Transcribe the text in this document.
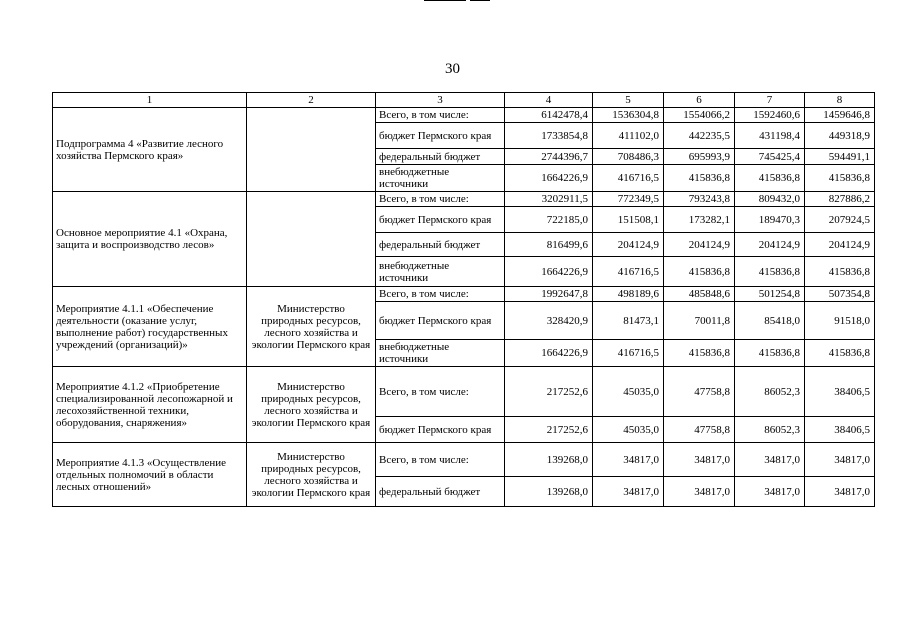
30
1	2	3	4	5	6	7	8
Подпрограмма 4 «Развитие лесного хозяйства Пермского края»		Всего, в том числе:	6142478,4	1536304,8	1554066,2	1592460,6	1459646,8
		бюджет Пермского края	1733854,8	411102,0	442235,5	431198,4	449318,9
		федеральный бюджет	2744396,7	708486,3	695993,9	745425,4	594491,1
		внебюджетные источники	1664226,9	416716,5	415836,8	415836,8	415836,8
Основное мероприятие 4.1 «Охрана, защита и воспроизводство лесов»		Всего, в том числе:	3202911,5	772349,5	793243,8	809432,0	827886,2
		бюджет Пермского края	722185,0	151508,1	173282,1	189470,3	207924,5
		федеральный бюджет	816499,6	204124,9	204124,9	204124,9	204124,9
		внебюджетные источники	1664226,9	416716,5	415836,8	415836,8	415836,8
Мероприятие 4.1.1 «Обеспечение деятельности (оказание услуг, выполнение работ) государственных учреждений (организаций)»	Министерство природных ресурсов, лесного хозяйства и экологии Пермского края	Всего, в том числе:	1992647,8	498189,6	485848,6	501254,8	507354,8
		бюджет Пермского края	328420,9	81473,1	70011,8	85418,0	91518,0
		внебюджетные источники	1664226,9	416716,5	415836,8	415836,8	415836,8
Мероприятие 4.1.2 «Приобретение специализированной лесопожарной и лесохозяйственной техники, оборудования, снаряжения»	Министерство природных ресурсов, лесного хозяйства и экологии Пермского края	Всего, в том числе:	217252,6	45035,0	47758,8	86052,3	38406,5
		бюджет Пермского края	217252,6	45035,0	47758,8	86052,3	38406,5
Мероприятие 4.1.3 «Осуществление отдельных полномочий в области лесных отношений»	Министерство природных ресурсов, лесного хозяйства и экологии Пермского края	Всего, в том числе:	139268,0	34817,0	34817,0	34817,0	34817,0
		федеральный бюджет	139268,0	34817,0	34817,0	34817,0	34817,0
